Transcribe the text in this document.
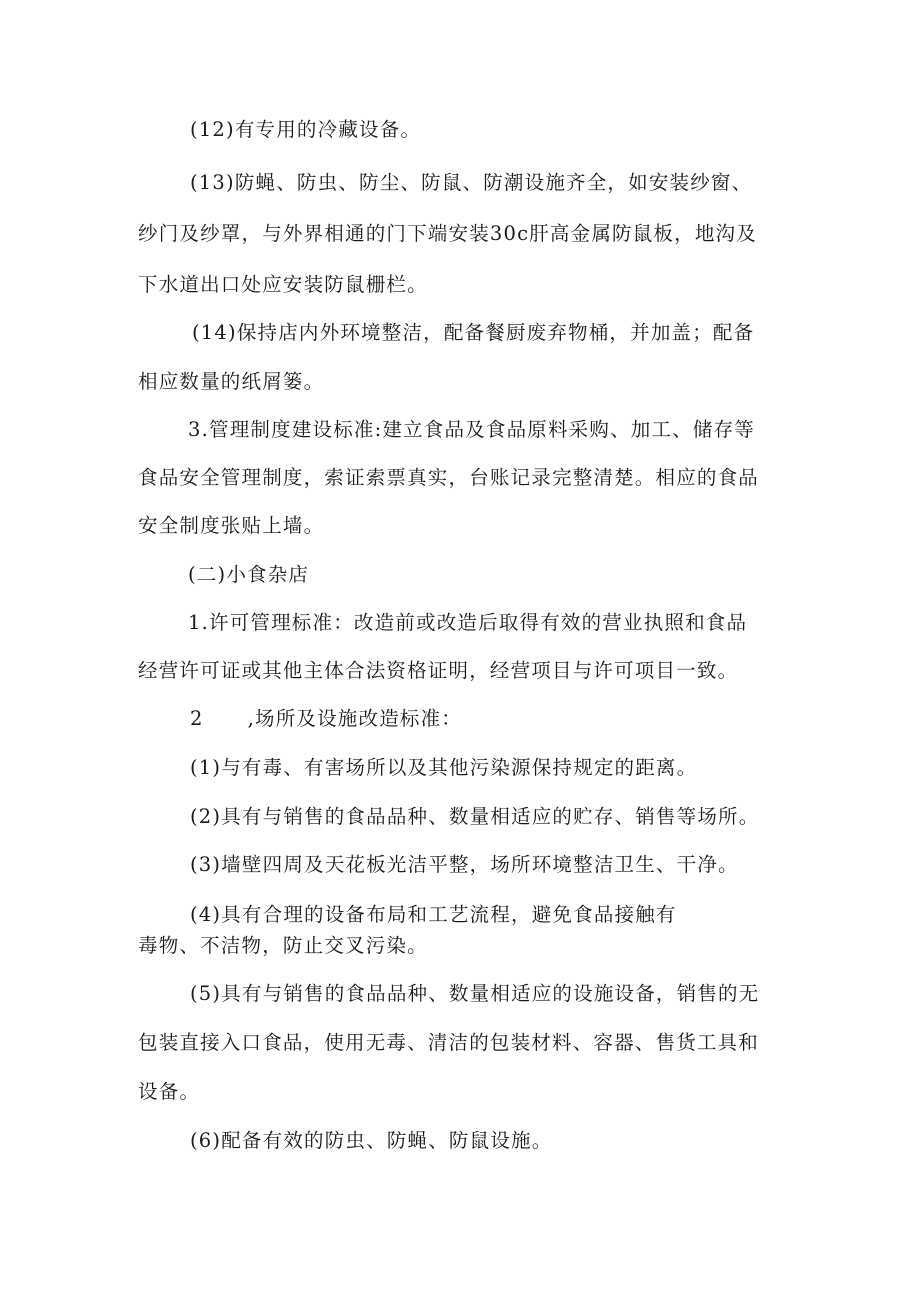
(12)有专用的冷藏设备。
(13)防蝇、防虫、防尘、防鼠、防潮设施齐全，如安装纱窗、
纱门及纱罩，与外界相通的门下端安装30c肝高金属防鼠板，地沟及
下水道出口处应安装防鼠栅栏。
(14)保持店内外环境整洁，配备餐厨废弃物桶，并加盖；配备
相应数量的纸屑篓。
3.管理制度建设标准:建立食品及食品原料采购、加工、储存等
食品安全管理制度，索证索票真实，台账记录完整清楚。相应的食品
安全制度张贴上墙。
(二)小食杂店
1.许可管理标准：改造前或改造后取得有效的营业执照和食品
经营许可证或其他主体合法资格证明，经营项目与许可项目一致。
2 ,场所及设施改造标准：
(1)与有毒、有害场所以及其他污染源保持规定的距离。
(2)具有与销售的食品品种、数量相适应的贮存、销售等场所。
(3)墙壁四周及天花板光洁平整，场所环境整洁卫生、干净。
(4)具有合理的设备布局和工艺流程，避免食品接触有
毒物、不洁物，防止交叉污染。
(5)具有与销售的食品品种、数量相适应的设施设备，销售的无
包装直接入口食品，使用无毒、清洁的包装材料、容器、售货工具和
设备。
(6)配备有效的防虫、防蝇、防鼠设施。
